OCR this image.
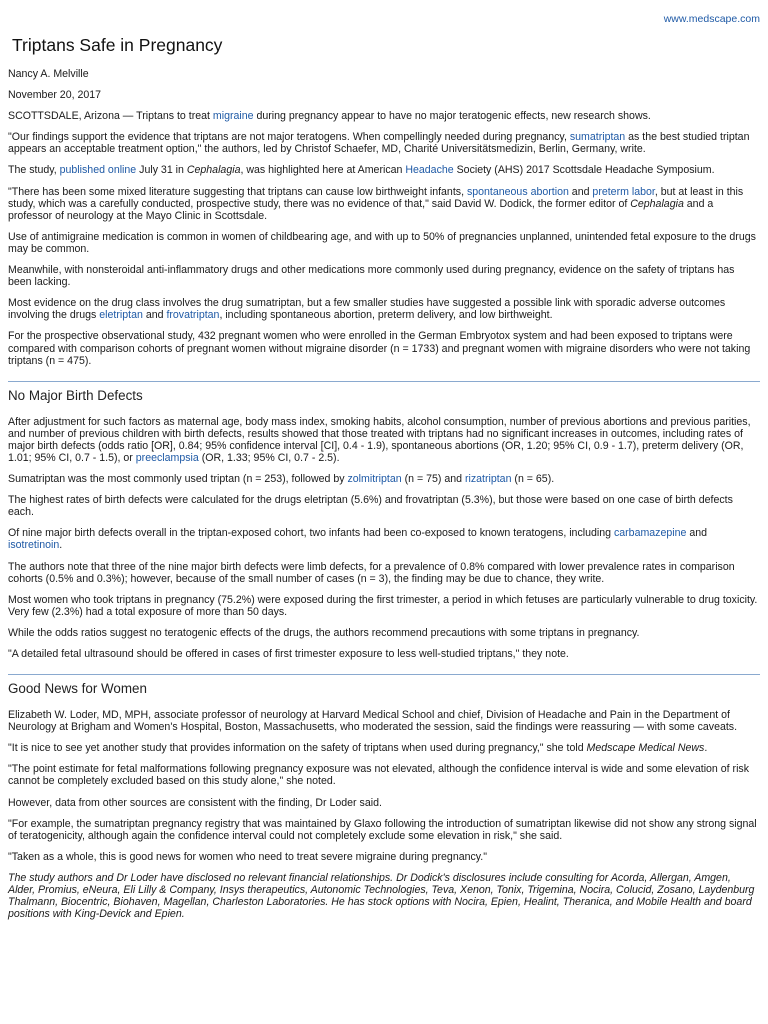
www.medscape.com
Triptans Safe in Pregnancy

Nancy A. Melville

November 20, 2017

SCOTTSDALE, Arizona — Triptans to treat migraine during pregnancy appear to have no major teratogenic effects, new research shows.

"Our findings support the evidence that triptans are not major teratogens. When compellingly needed during pregnancy, sumatriptan as the best studied triptan appears an acceptable treatment option," the authors, led by Christof Schaefer, MD, Charité Universitätsmedizin, Berlin, Germany, write.

The study, published online July 31 in Cephalagia, was highlighted here at American Headache Society (AHS) 2017 Scottsdale Headache Symposium.

"There has been some mixed literature suggesting that triptans can cause low birthweight infants, spontaneous abortion and preterm labor, but at least in this study, which was a carefully conducted, prospective study, there was no evidence of that," said David W. Dodick, the former editor of Cephalagia and a professor of neurology at the Mayo Clinic in Scottsdale.

Use of antimigraine medication is common in women of childbearing age, and with up to 50% of pregnancies unplanned, unintended fetal exposure to the drugs may be common.

Meanwhile, with nonsteroidal anti-inflammatory drugs and other medications more commonly used during pregnancy, evidence on the safety of triptans has been lacking.

Most evidence on the drug class involves the drug sumatriptan, but a few smaller studies have suggested a possible link with sporadic adverse outcomes involving the drugs eletriptan and frovatriptan, including spontaneous abortion, preterm delivery, and low birthweight.

For the prospective observational study, 432 pregnant women who were enrolled in the German Embryotox system and had been exposed to triptans were compared with comparison cohorts of pregnant women without migraine disorder (n = 1733) and pregnant women with migraine disorders who were not taking triptans (n = 475).

No Major Birth Defects

After adjustment for such factors as maternal age, body mass index, smoking habits, alcohol consumption, number of previous abortions and previous parities, and number of previous children with birth defects, results showed that those treated with triptans had no significant increases in outcomes, including rates of major birth defects (odds ratio [OR], 0.84; 95% confidence interval [CI], 0.4 - 1.9), spontaneous abortions (OR, 1.20; 95% CI, 0.9 - 1.7), preterm delivery (OR, 1.01; 95% CI, 0.7 - 1.5), or preeclampsia (OR, 1.33; 95% CI, 0.7 - 2.5).

Sumatriptan was the most commonly used triptan (n = 253), followed by zolmitriptan (n = 75) and rizatriptan (n = 65).

The highest rates of birth defects were calculated for the drugs eletriptan (5.6%) and frovatriptan (5.3%), but those were based on one case of birth defects each.

Of nine major birth defects overall in the triptan-exposed cohort, two infants had been co-exposed to known teratogens, including carbamazepine and isotretinoin.

The authors note that three of the nine major birth defects were limb defects, for a prevalence of 0.8% compared with lower prevalence rates in comparison cohorts (0.5% and 0.3%); however, because of the small number of cases (n = 3), the finding may be due to chance, they write.

Most women who took triptans in pregnancy (75.2%) were exposed during the first trimester, a period in which fetuses are particularly vulnerable to drug toxicity. Very few (2.3%) had a total exposure of more than 50 days.

While the odds ratios suggest no teratogenic effects of the drugs, the authors recommend precautions with some triptans in pregnancy.

"A detailed fetal ultrasound should be offered in cases of first trimester exposure to less well-studied triptans," they note.

Good News for Women

Elizabeth W. Loder, MD, MPH, associate professor of neurology at Harvard Medical School and chief, Division of Headache and Pain in the Department of Neurology at Brigham and Women's Hospital, Boston, Massachusetts, who moderated the session, said the findings were reassuring — with some caveats.

"It is nice to see yet another study that provides information on the safety of triptans when used during pregnancy," she told Medscape Medical News.

"The point estimate for fetal malformations following pregnancy exposure was not elevated, although the confidence interval is wide and some elevation of risk cannot be completely excluded based on this study alone," she noted.

However, data from other sources are consistent with the finding, Dr Loder said.

"For example, the sumatriptan pregnancy registry that was maintained by Glaxo following the introduction of sumatriptan likewise did not show any strong signal of teratogenicity, although again the confidence interval could not completely exclude some elevation in risk," she said.

"Taken as a whole, this is good news for women who need to treat severe migraine during pregnancy."

The study authors and Dr Loder have disclosed no relevant financial relationships. Dr Dodick's disclosures include consulting for Acorda, Allergan, Amgen, Alder, Promius, eNeura, Eli Lilly & Company, Insys therapeutics, Autonomic Technologies, Teva, Xenon, Tonix, Trigemina, Nocira, Colucid, Zosano, Laydenburg Thalmann, Biocentric, Biohaven, Magellan, Charleston Laboratories. He has stock options with Nocira, Epien, Healint, Theranica, and Mobile Health and board positions with King-Devick and Epien.
